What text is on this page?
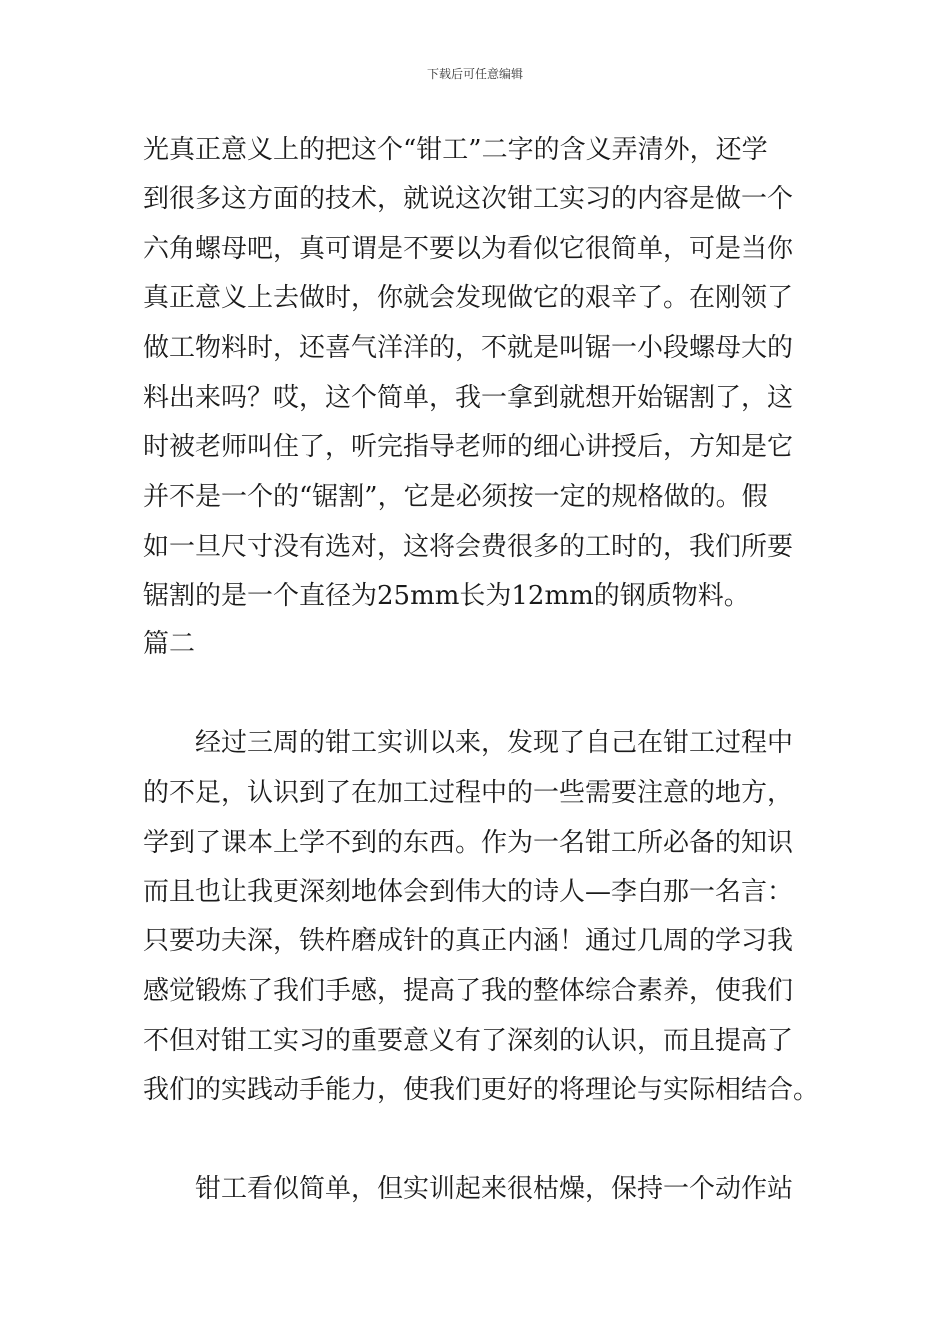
下载后可任意编辑
光真正意义上的把这个“钳工”二字的含义弄清外，还学
到很多这方面的技术，就说这次钳工实习的内容是做一个
六角螺母吧，真可谓是不要以为看似它很简单，可是当你
真正意义上去做时，你就会发现做它的艰辛了。在刚领了
做工物料时，还喜气洋洋的，不就是叫锯一小段螺母大的
料出来吗？哎，这个简单，我一拿到就想开始锯割了，这
时被老师叫住了，听完指导老师的细心讲授后，方知是它
并不是一个的“锯割”，它是必须按一定的规格做的。假
如一旦尺寸没有选对，这将会费很多的工时的，我们所要
锯割的是一个直径为25mm长为12mm的钢质物料。
篇二
经过三周的钳工实训以来，发现了自己在钳工过程中
的不足，认识到了在加工过程中的一些需要注意的地方，
学到了课本上学不到的东西。作为一名钳工所必备的知识
而且也让我更深刻地体会到伟大的诗人—李白那一名言：
只要功夫深，铁杵磨成针的真正内涵！通过几周的学习我
感觉锻炼了我们手感，提高了我的整体综合素养，使我们
不但对钳工实习的重要意义有了深刻的认识，而且提高了
我们的实践动手能力，使我们更好的将理论与实际相结合。
钳工看似简单，但实训起来很枯燥，保持一个动作站
